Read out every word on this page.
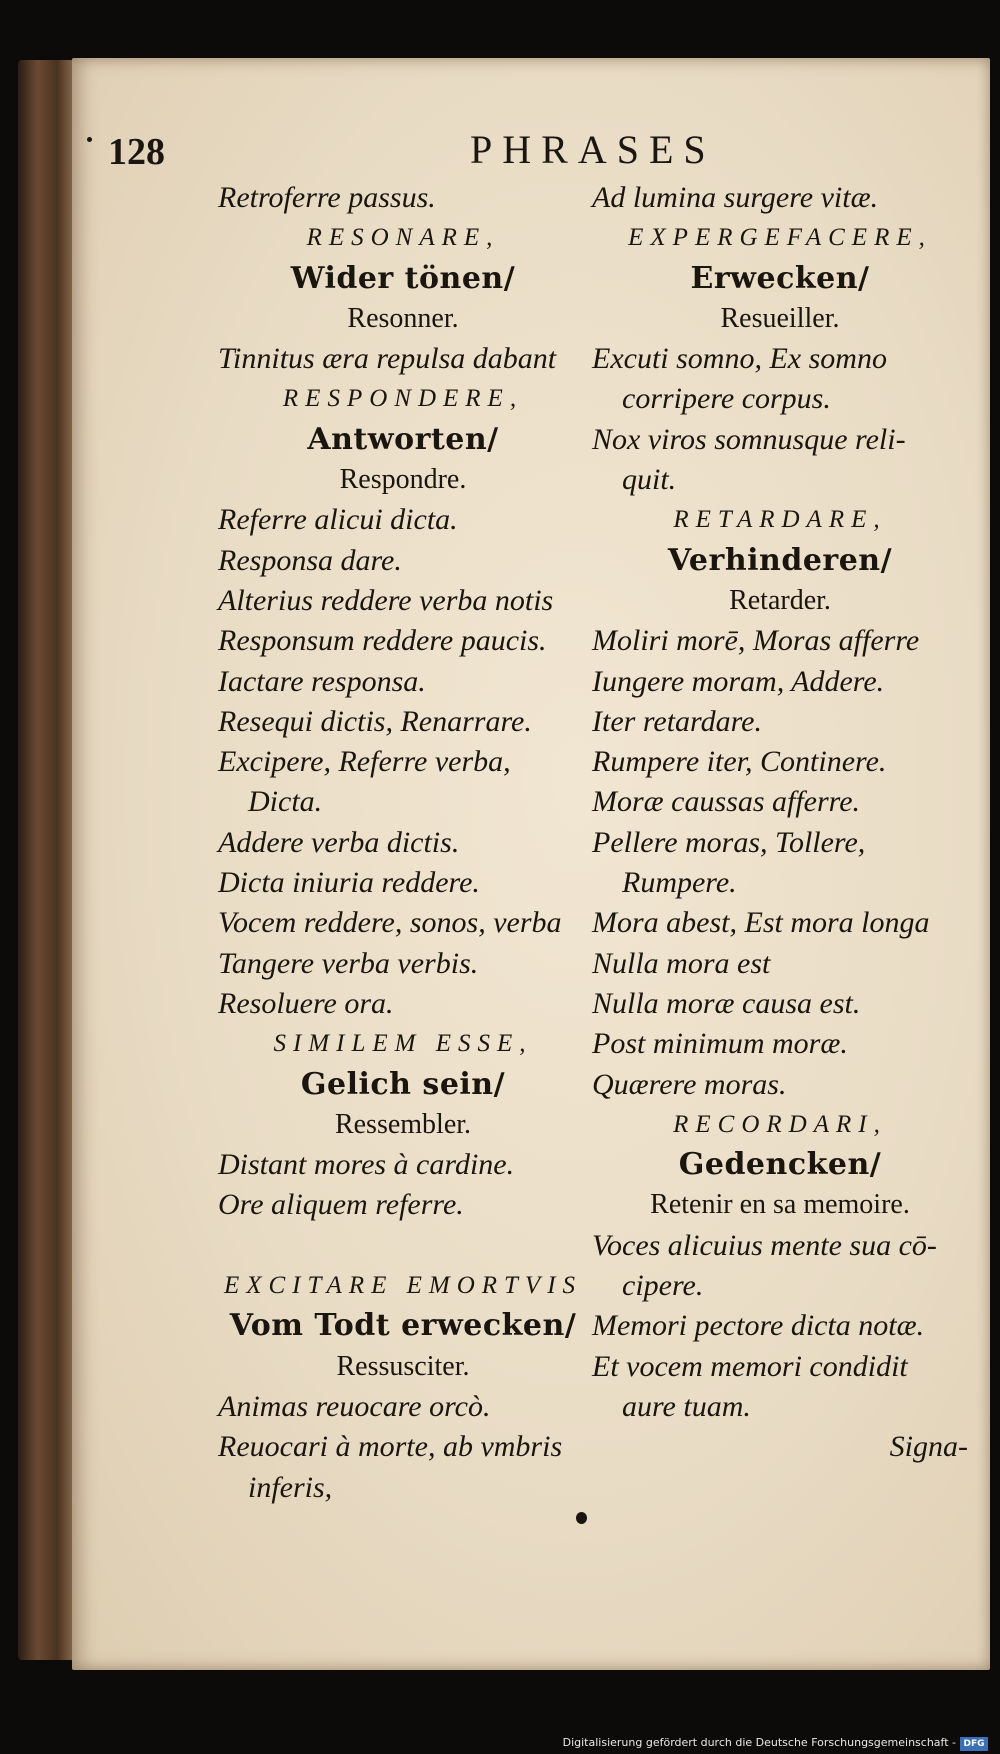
128	PHRASES
Retroferre passus.
RESONARE,
Wider tönen/
Resonner.
Tinnitus æra repulsa dabant
RESPONDERE,
Antworten/
Respondre.
Referre alicui dicta.
Responsa dare.
Alterius reddere verba notis
Responsum reddere paucis.
Iactare responsa.
Resequi dictis, Renarrare.
Excipere, Referre verba,
Dicta.
Addere verba dictis.
Dicta iniuria reddere.
Vocem reddere, sonos, verba
Tangere verba verbis.
Resoluere ora.
SIMILEM ESSE,
Gelich sein/
Ressembler.
Distant mores à cardine.
Ore aliquem referre.
EXCITARE EMORTVIS
Vom Todt erwecken/
Ressusciter.
Animas reuocare orcò.
Reuocari à morte, ab vmbris
inferis,
Ad lumina surgere vitæ.
EXPERGEFACERE,
Erwecken/
Resueiller.
Excuti somno, Ex somno
corripere corpus.
Nox viros somnusque reli-
quit.
RETARDARE,
Verhinderen/
Retarder.
Moliri morē, Moras afferre
Iungere moram, Addere.
Iter retardare.
Rumpere iter, Continere.
Moræ caussas afferre.
Pellere moras, Tollere,
Rumpere.
Mora abest, Est mora longa
Nulla mora est
Nulla moræ causa est.
Post minimum moræ.
Quærere moras.
RECORDARI,
Gedencken/
Retenir en sa memoire.
Voces alicuius mente sua cō-
cipere.
Memori pectore dicta notæ.
Et vocem memori condidit
aure tuam.
Signa-
Digitalisierung gefördert durch die Deutsche Forschungsgemeinschaft - DFG
